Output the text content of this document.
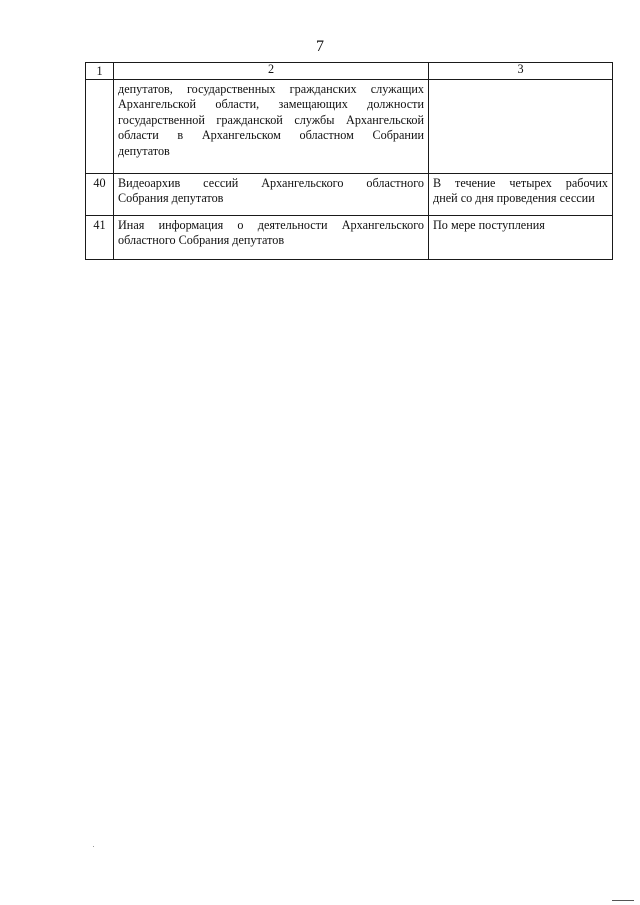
7
1	2	3

	депутатов, государственных гражданских служащих
Архангельской области, замещающих должности
государственной гражданской службы Архангельской
области в Архангельском областном Собрании
депутатов	

40	Видеоархив сессий Архангельского областного
Собрания депутатов	В течение четырех рабочих
дней со дня проведения сессии

41	Иная информация о деятельности Архангельского
областного Собрания депутатов	По мере поступления
